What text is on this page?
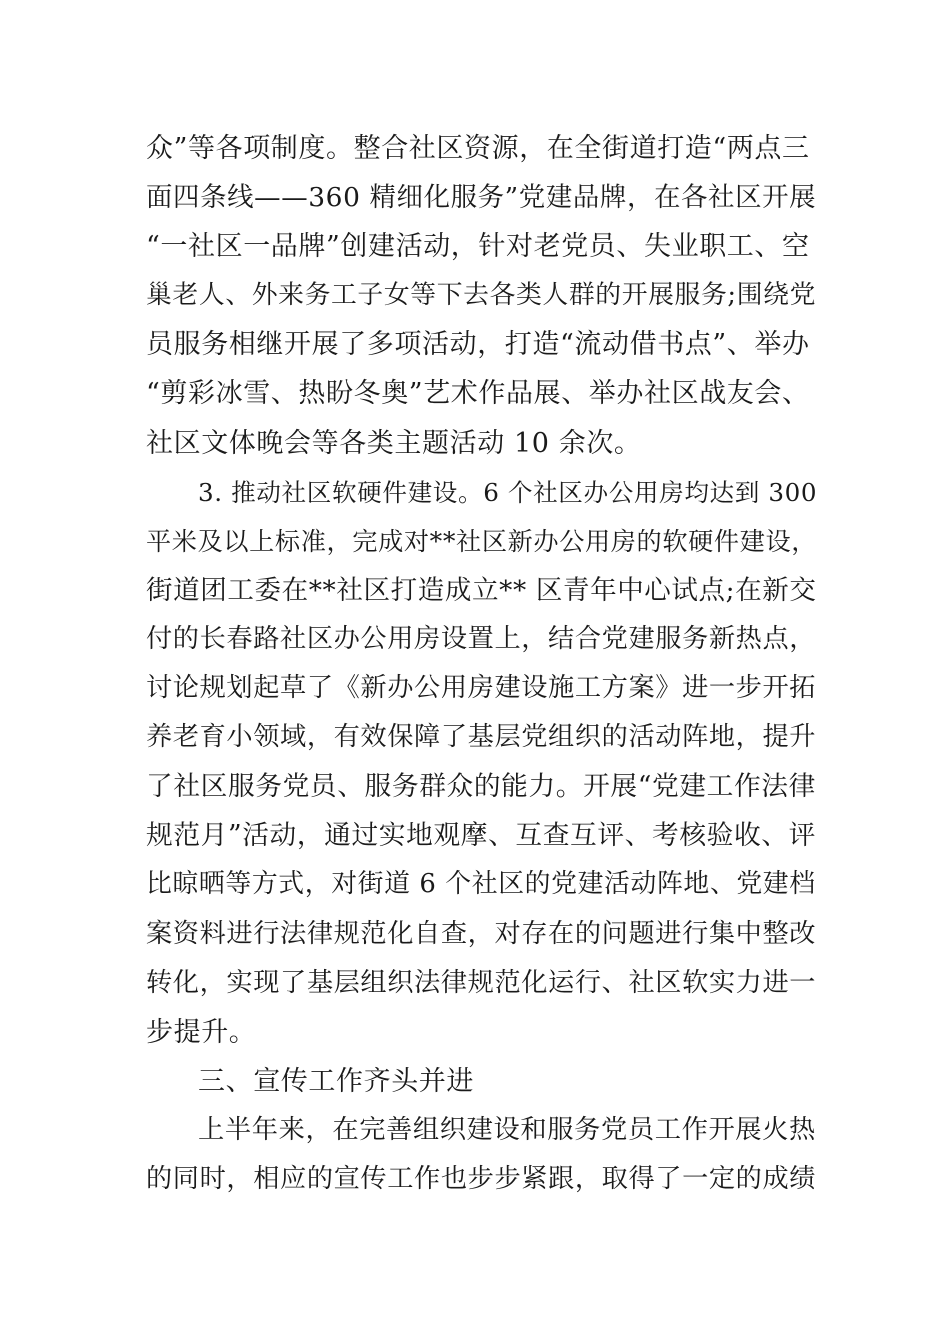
众”等各项制度。整合社区资源，在全街道打造“两点三
面四条线——360 精细化服务”党建品牌，在各社区开展
“一社区一品牌”创建活动，针对老党员、失业职工、空
巢老人、外来务工子女等下去各类人群的开展服务;围绕党
员服务相继开展了多项活动，打造“流动借书点”、举办
“剪彩冰雪、热盼冬奥”艺术作品展、举办社区战友会、
社区文体晚会等各类主题活动 10 余次。
3. 推动社区软硬件建设。6 个社区办公用房均达到 300
平米及以上标准，完成对**社区新办公用房的软硬件建设，
街道团工委在**社区打造成立** 区青年中心试点;在新交
付的长春路社区办公用房设置上，结合党建服务新热点，
讨论规划起草了《新办公用房建设施工方案》进一步开拓
养老育小领域，有效保障了基层党组织的活动阵地，提升
了社区服务党员、服务群众的能力。开展“党建工作法律
规范月”活动，通过实地观摩、互查互评、考核验收、评
比晾晒等方式，对街道 6 个社区的党建活动阵地、党建档
案资料进行法律规范化自查，对存在的问题进行集中整改
转化，实现了基层组织法律规范化运行、社区软实力进一
步提升。
三、宣传工作齐头并进
上半年来，在完善组织建设和服务党员工作开展火热
的同时，相应的宣传工作也步步紧跟，取得了一定的成绩
